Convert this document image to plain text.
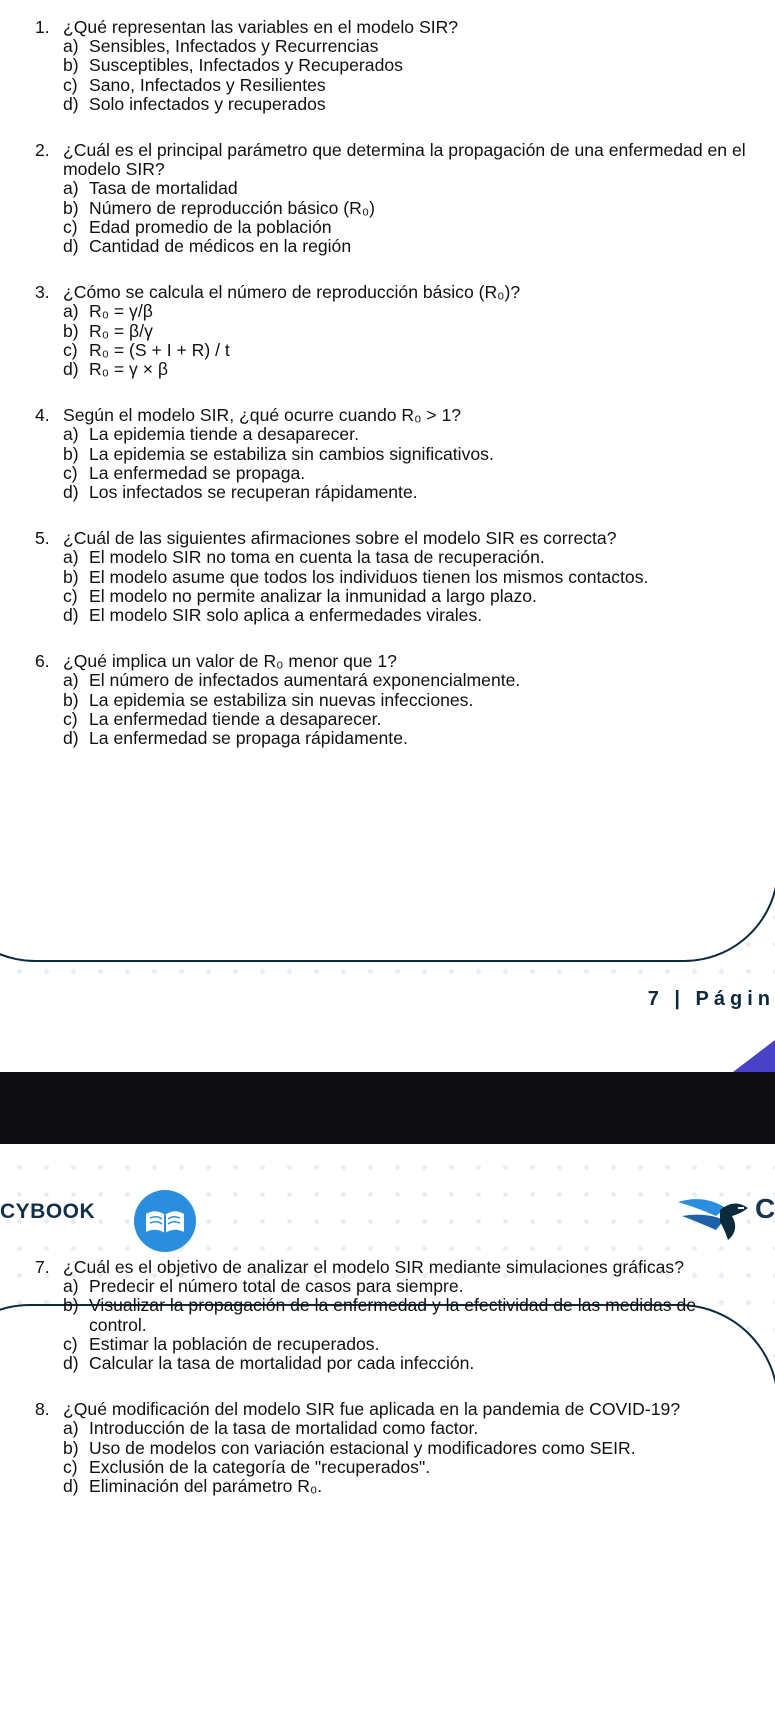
1. ¿Qué representan las variables en el modelo SIR?
a) Sensibles, Infectados y Recurrencias
b) Susceptibles, Infectados y Recuperados
c) Sano, Infectados y Resilientes
d) Solo infectados y recuperados
2. ¿Cuál es el principal parámetro que determina la propagación de una enfermedad en el modelo SIR?
a) Tasa de mortalidad
b) Número de reproducción básico (R₀)
c) Edad promedio de la población
d) Cantidad de médicos en la región
3. ¿Cómo se calcula el número de reproducción básico (R₀)?
a) R₀ = γ/β
b) R₀ = β/γ
c) R₀ = (S + I + R) / t
d) R₀ = γ × β
4. Según el modelo SIR, ¿qué ocurre cuando R₀ > 1?
a) La epidemia tiende a desaparecer.
b) La epidemia se estabiliza sin cambios significativos.
c) La enfermedad se propaga.
d) Los infectados se recuperan rápidamente.
5. ¿Cuál de las siguientes afirmaciones sobre el modelo SIR es correcta?
a) El modelo SIR no toma en cuenta la tasa de recuperación.
b) El modelo asume que todos los individuos tienen los mismos contactos.
c) El modelo no permite analizar la inmunidad a largo plazo.
d) El modelo SIR solo aplica a enfermedades virales.
6. ¿Qué implica un valor de R₀ menor que 1?
a) El número de infectados aumentará exponencialmente.
b) La epidemia se estabiliza sin nuevas infecciones.
c) La enfermedad tiende a desaparecer.
d) La enfermedad se propaga rápidamente.
7 | Págin
CYBOOK	C
7. ¿Cuál es el objetivo de analizar el modelo SIR mediante simulaciones gráficas?
a) Predecir el número total de casos para siempre.
b) Visualizar la propagación de la enfermedad y la efectividad de las medidas de control.
c) Estimar la población de recuperados.
d) Calcular la tasa de mortalidad por cada infección.
8. ¿Qué modificación del modelo SIR fue aplicada en la pandemia de COVID-19?
a) Introducción de la tasa de mortalidad como factor.
b) Uso de modelos con variación estacional y modificadores como SEIR.
c) Exclusión de la categoría de "recuperados".
d) Eliminación del parámetro R₀.
